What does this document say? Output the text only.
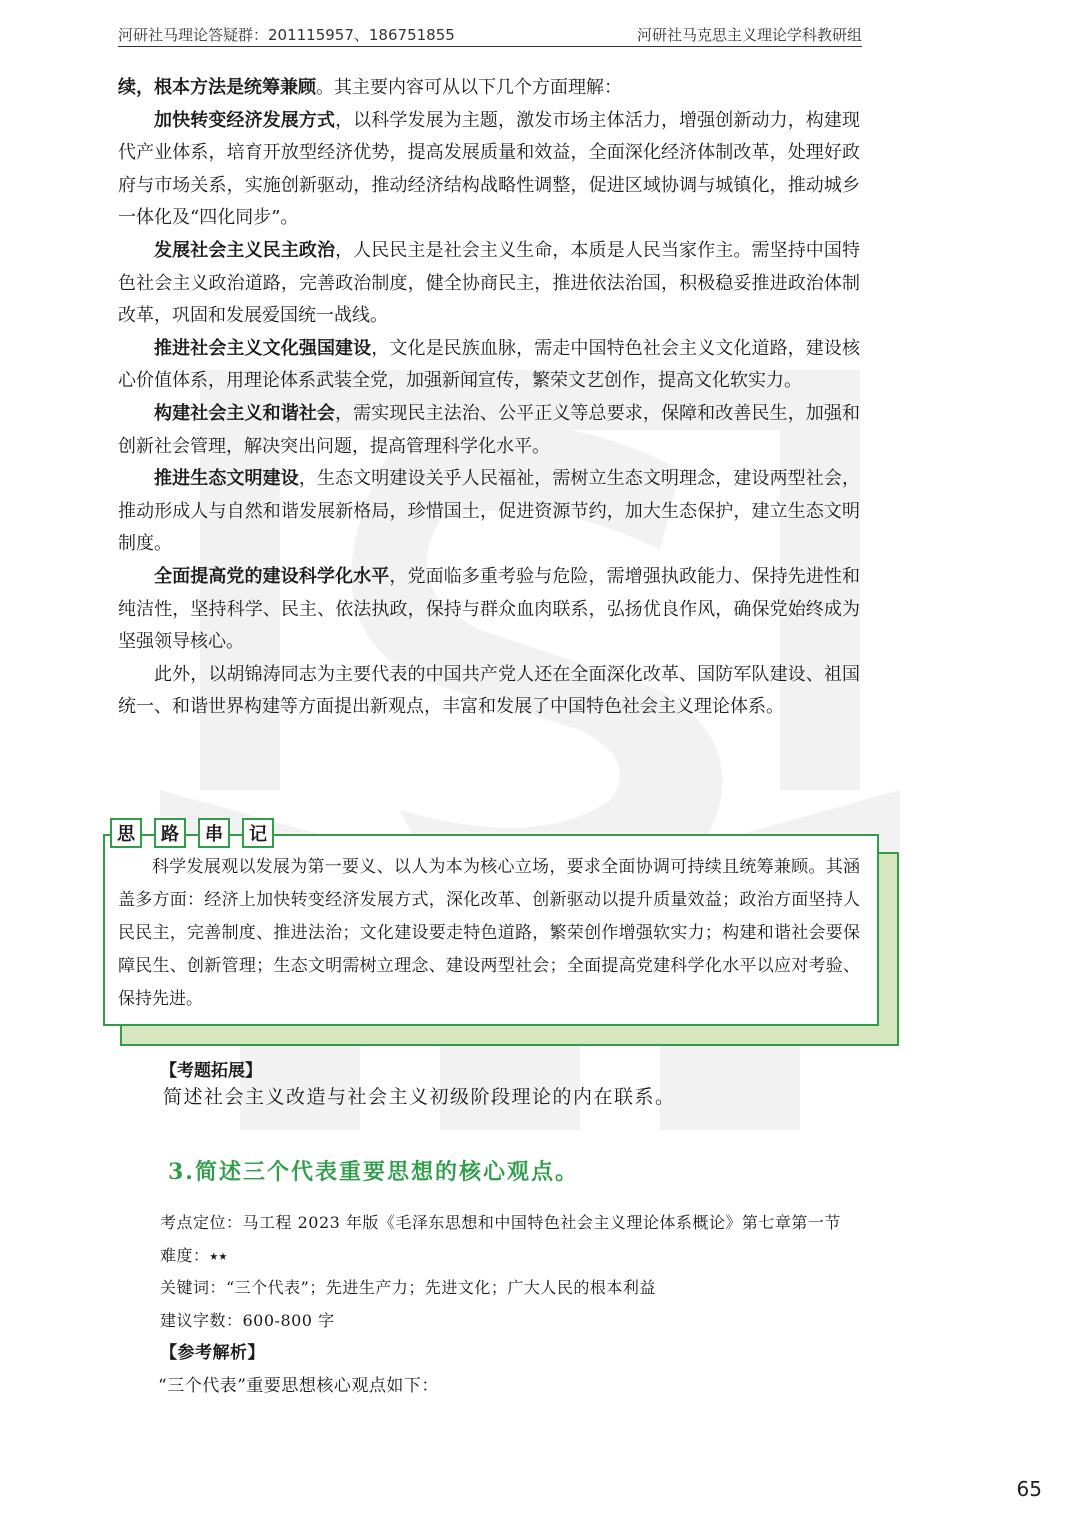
河研社马理论答疑群：201115957、186751855	河研社马克思主义理论学科教研组

续，根本方法是统筹兼顾。其主要内容可从以下几个方面理解：

加快转变经济发展方式，以科学发展为主题，激发市场主体活力，增强创新动力，构建现代产业体系，培育开放型经济优势，提高发展质量和效益，全面深化经济体制改革，处理好政府与市场关系，实施创新驱动，推动经济结构战略性调整，促进区域协调与城镇化，推动城乡一体化及“四化同步”。

发展社会主义民主政治，人民民主是社会主义生命，本质是人民当家作主。需坚持中国特色社会主义政治道路，完善政治制度，健全协商民主，推进依法治国，积极稳妥推进政治体制改革，巩固和发展爱国统一战线。

推进社会主义文化强国建设，文化是民族血脉，需走中国特色社会主义文化道路，建设核心价值体系，用理论体系武装全党，加强新闻宣传，繁荣文艺创作，提高文化软实力。

构建社会主义和谐社会，需实现民主法治、公平正义等总要求，保障和改善民生，加强和创新社会管理，解决突出问题，提高管理科学化水平。

推进生态文明建设，生态文明建设关乎人民福祉，需树立生态文明理念，建设两型社会，推动形成人与自然和谐发展新格局，珍惜国土，促进资源节约，加大生态保护，建立生态文明制度。

全面提高党的建设科学化水平，党面临多重考验与危险，需增强执政能力、保持先进性和纯洁性，坚持科学、民主、依法执政，保持与群众血肉联系，弘扬优良作风，确保党始终成为坚强领导核心。

此外，以胡锦涛同志为主要代表的中国共产党人还在全面深化改革、国防军队建设、祖国统一、和谐世界构建等方面提出新观点，丰富和发展了中国特色社会主义理论体系。

思	路	串	记

科学发展观以发展为第一要义、以人为本为核心立场，要求全面协调可持续且统筹兼顾。其涵盖多方面：经济上加快转变经济发展方式，深化改革、创新驱动以提升质量效益；政治方面坚持人民民主，完善制度、推进法治；文化建设要走特色道路，繁荣创作增强软实力；构建和谐社会要保障民生、创新管理；生态文明需树立理念、建设两型社会；全面提高党建科学化水平以应对考验、保持先进。

【考题拓展】
简述社会主义改造与社会主义初级阶段理论的内在联系。
3.简述三个代表重要思想的核心观点。

考点定位：马工程 2023 年版《毛泽东思想和中国特色社会主义理论体系概论》第七章第一节

难度：⭑⭑

关键词：“三个代表”；先进生产力；先进文化；广大人民的根本利益

建议字数：600-800 字

【参考解析】

“三个代表”重要思想核心观点如下：

65
